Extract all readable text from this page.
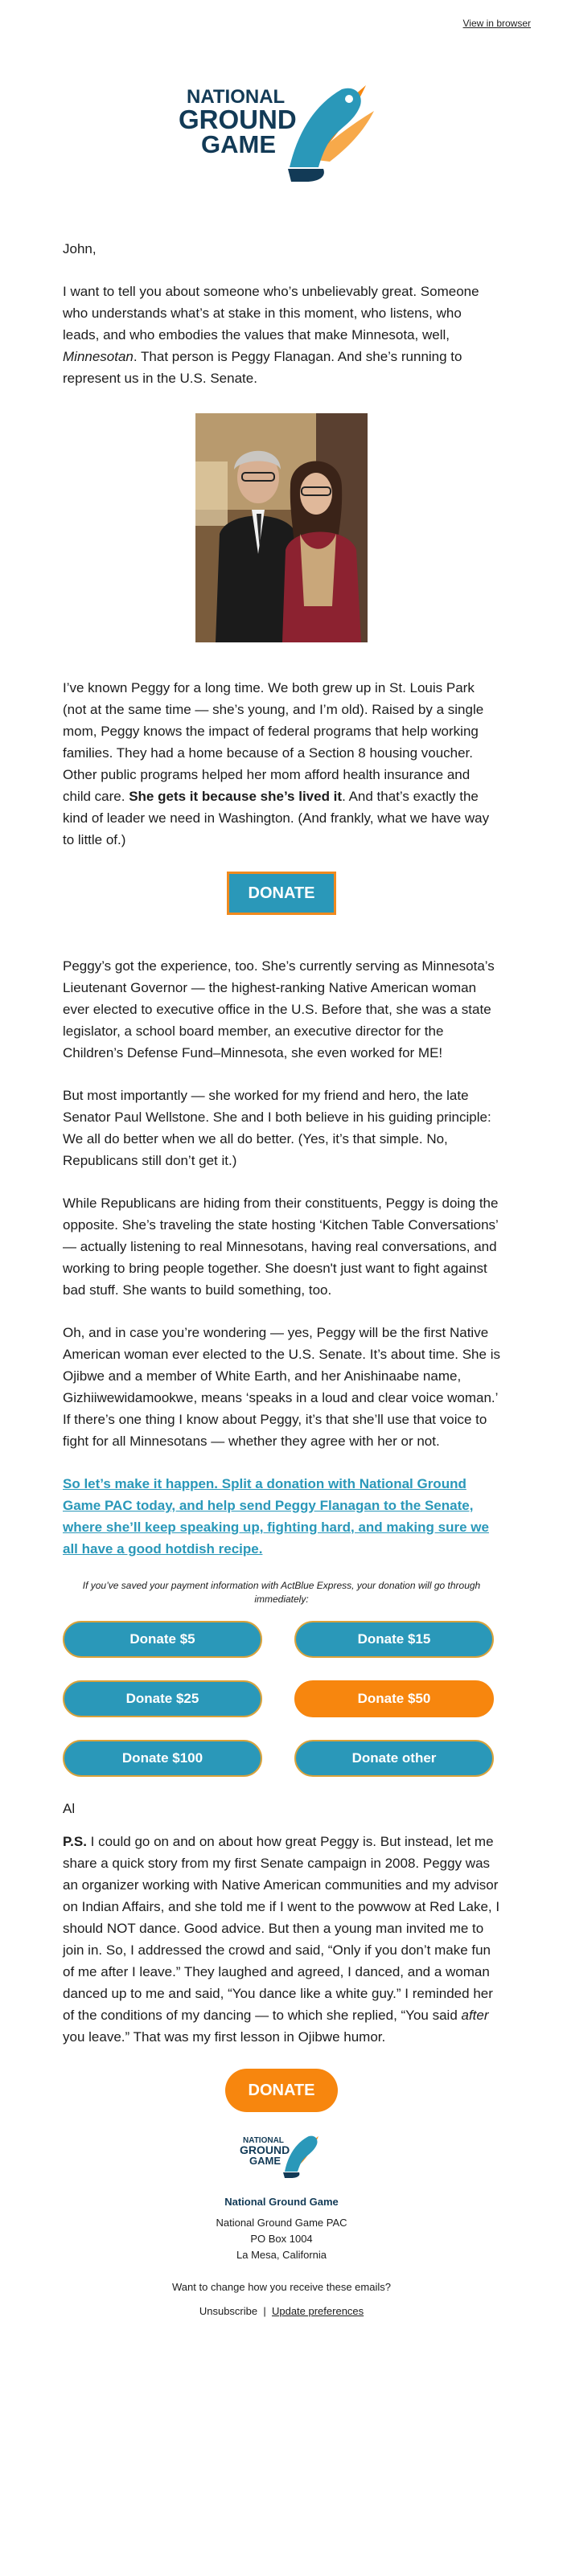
View in browser
NATIONAL
GROUND
GAME

John,

I want to tell you about someone who’s unbelievably great. Someone who understands what’s at stake in this moment, who listens, who leads, and who embodies the values that make Minnesota, well, Minnesotan. That person is Peggy Flanagan. And she’s running to represent us in the U.S. Senate.

I’ve known Peggy for a long time. We both grew up in St. Louis Park (not at the same time — she’s young, and I’m old). Raised by a single mom, Peggy knows the impact of federal programs that help working families. They had a home because of a Section 8 housing voucher. Other public programs helped her mom afford health insurance and child care. She gets it because she’s lived it. And that’s exactly the kind of leader we need in Washington. (And frankly, what we have way to little of.)

DONATE

Peggy’s got the experience, too. She’s currently serving as Minnesota’s Lieutenant Governor — the highest-ranking Native American woman ever elected to executive office in the U.S. Before that, she was a state legislator, a school board member, an executive director for the Children’s Defense Fund–Minnesota, she even worked for ME!

But most importantly — she worked for my friend and hero, the late Senator Paul Wellstone. She and I both believe in his guiding principle: We all do better when we all do better. (Yes, it’s that simple. No, Republicans still don’t get it.)

While Republicans are hiding from their constituents, Peggy is doing the opposite. She’s traveling the state hosting ‘Kitchen Table Conversations’ — actually listening to real Minnesotans, having real conversations, and working to bring people together. She doesn't just want to fight against bad stuff. She wants to build something, too.

Oh, and in case you’re wondering — yes, Peggy will be the first Native American woman ever elected to the U.S. Senate. It’s about time. She is Ojibwe and a member of White Earth, and her Anishinaabe name, Gizhiiwewidamookwe, means ‘speaks in a loud and clear voice woman.’ If there’s one thing I know about Peggy, it’s that she’ll use that voice to fight for all Minnesotans — whether they agree with her or not.

So let’s make it happen. Split a donation with National Ground Game PAC today, and help send Peggy Flanagan to the Senate, where she’ll keep speaking up, fighting hard, and making sure we all have a good hotdish recipe.

If you’ve saved your payment information with ActBlue Express, your donation will go through immediately:

Donate $5	Donate $15
Donate $25	Donate $50
Donate $100	Donate other

Al

P.S. I could go on and on about how great Peggy is. But instead, let me share a quick story from my first Senate campaign in 2008. Peggy was an organizer working with Native American communities and my advisor on Indian Affairs, and she told me if I went to the powwow at Red Lake, I should NOT dance. Good advice. But then a young man invited me to join in. So, I addressed the crowd and said, “Only if you don’t make fun of me after I leave.” They laughed and agreed, I danced, and a woman danced up to me and said, “You dance like a white guy.” I reminded her of the conditions of my dancing — to which she replied, “You said after you leave.” That was my first lesson in Ojibwe humor.

DONATE
NATIONAL
GROUND
GAME
National Ground Game
National Ground Game PAC
PO Box 1004
La Mesa, California
Want to change how you receive these emails?
Unsubscribe | Update preferences
